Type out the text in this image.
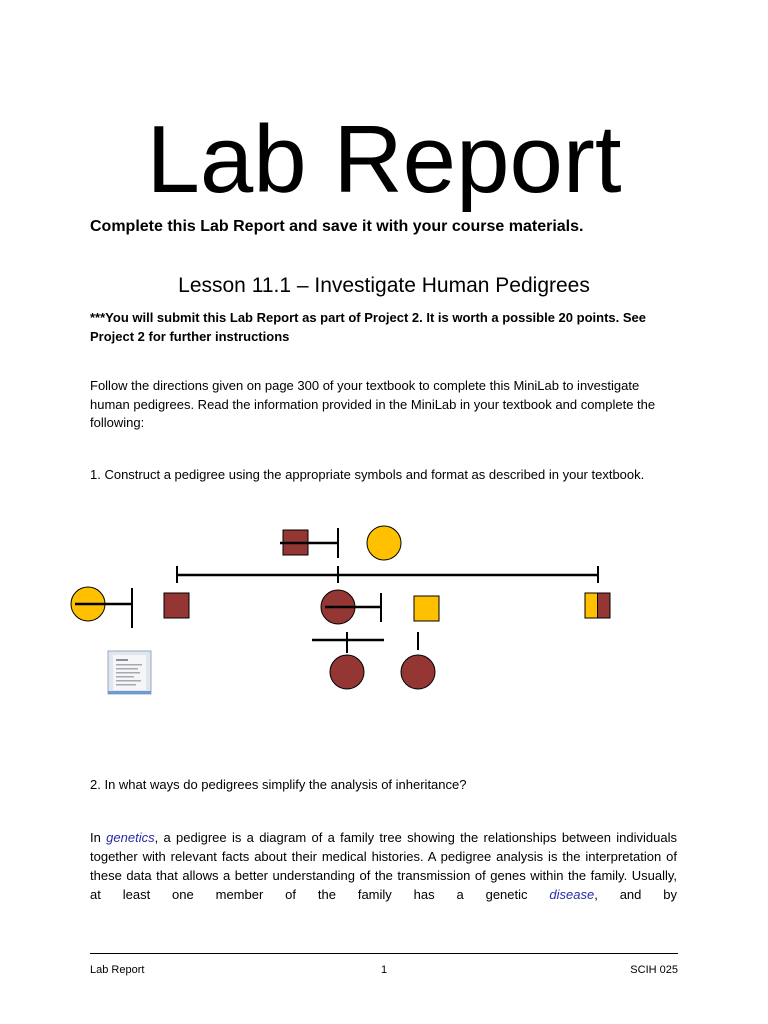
Lab Report
Complete this Lab Report and save it with your course materials.
Lesson 11.1 – Investigate Human Pedigrees
***You will submit this Lab Report as part of Project 2. It is worth a possible 20 points. See Project 2 for further instructions
Follow the directions given on page 300 of your textbook to complete this MiniLab to investigate human pedigrees. Read the information provided in the MiniLab in your textbook and complete the following:
1. Construct a pedigree using the appropriate symbols and format as described in your textbook.
2. In what ways do pedigrees simplify the analysis of inheritance?
In genetics, a pedigree is a diagram of a family tree showing the relationships between individuals together with relevant facts about their medical histories. A pedigree analysis is the interpretation of these data that allows a better understanding of the transmission of genes within the family. Usually, at least one member of the family has a genetic disease, and by
Lab Report	1	SCIH 025
